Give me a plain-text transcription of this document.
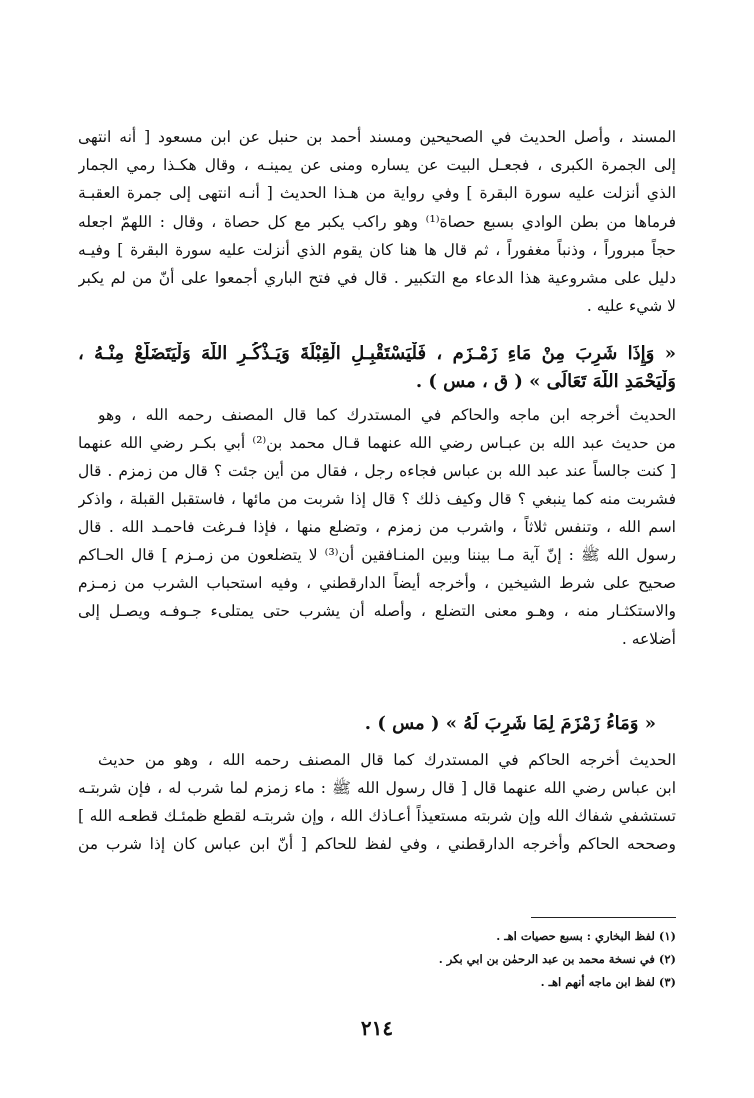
المسند ، وأصل الحديث في الصحيحين ومسند أحمد بن حنبل عن ابن مسعود [ أنه انتهى
إلى الجمرة الكبرى ، فجعـل البيت عن يساره ومنى عن يمينـه ، وقال هكـذا رمي الجمار
الذي أنزلت عليه سورة البقرة ] وفي رواية من هـذا الحديث [ أنـه انتهى إلى جمرة العقبـة
فرماها من بطن الوادي بسبع حصاة⁽¹⁾ وهو راكب يكبر مع كل حصاة ، وقال : اللهمّ اجعله
حجاً مبروراً ، وذنباً مغفوراً ، ثم قال ها هنا كان يقوم الذي أنزلت عليه سورة البقرة ] وفيـه
دليل على مشروعية هذا الدعاء مع التكبير . قال في فتح الباري أجمعوا على أنّ من لم يكبر
لا شيء عليه .
« وَإِذَا شَرِبَ مِنْ مَاءِ زَمْـزَم ، فَلْيَسْتَقْبِـلِ الْقِبْلَةَ وَيَـذْكُـرِ اللَّهَ وَلْيَتَضَلَّعْ مِنْـهُ ،
وَلْيَحْمَدِ اللَّهَ تَعَالَى » ( ق ، مس ) .
الحديث أخرجه ابن ماجه والحاكم في المستدرك كما قال المصنف رحمه الله ، وهو
من حديث عبد الله بن عبـاس رضي الله عنهما قـال محمد بن⁽²⁾ أبي بكـر رضي الله عنهما
[ كنت جالساً عند عبد الله بن عباس فجاءه رجل ، فقال من أين جئت ؟ قال من زمزم . قال
فشربت منه كما ينبغي ؟ قال وكيف ذلك ؟ قال إذا شربت من مائها ، فاستقبل القبلة ، واذكر
اسم الله ، وتنفس ثلاثاً ، واشرب من زمزم ، وتضلع منها ، فإذا فـرغت فاحمـد الله . قال
رسول الله ﷺ : إنّ آية مـا بيننا وبين المنـافقين أن⁽³⁾ لا يتضلعون من زمـزم ] قال الحـاكم
صحيح على شرط الشيخين ، وأخرجه أيضاً الدارقطني ، وفيه استحباب الشرب من زمـزم
والاستكثـار منه ، وهـو معنى التضلع ، وأصله أن يشرب حتى يمتلىء جـوفـه ويصـل إلى
أضلاعه .
« وَمَاءُ زَمْزَمَ لِمَا شَرِبَ لَهُ » ( مس ) .
الحديث أخرجه الحاكم في المستدرك كما قال المصنف رحمه الله ، وهو من حديث
ابن عباس رضي الله عنهما قال [ قال رسول الله ﷺ : ماء زمزم لما شرب له ، فإن شربتـه
تستشفي شفاك الله وإن شربته مستعيذاً أعـاذك الله ، وإن شربتـه لقطع ظمئـك قطعـه الله ]
وصححه الحاكم وأخرجه الدارقطني ، وفي لفظ للحاكم [ أنّ ابن عباس كان إذا شرب من
(١) لفظ البخاري : بسبع حصيات اهـ .
(٢) في نسخة محمد بن عبد الرحمٰن بن ابي بكر .
(٣) لفظ ابن ماجه أنهم اهـ .
٢١٤
